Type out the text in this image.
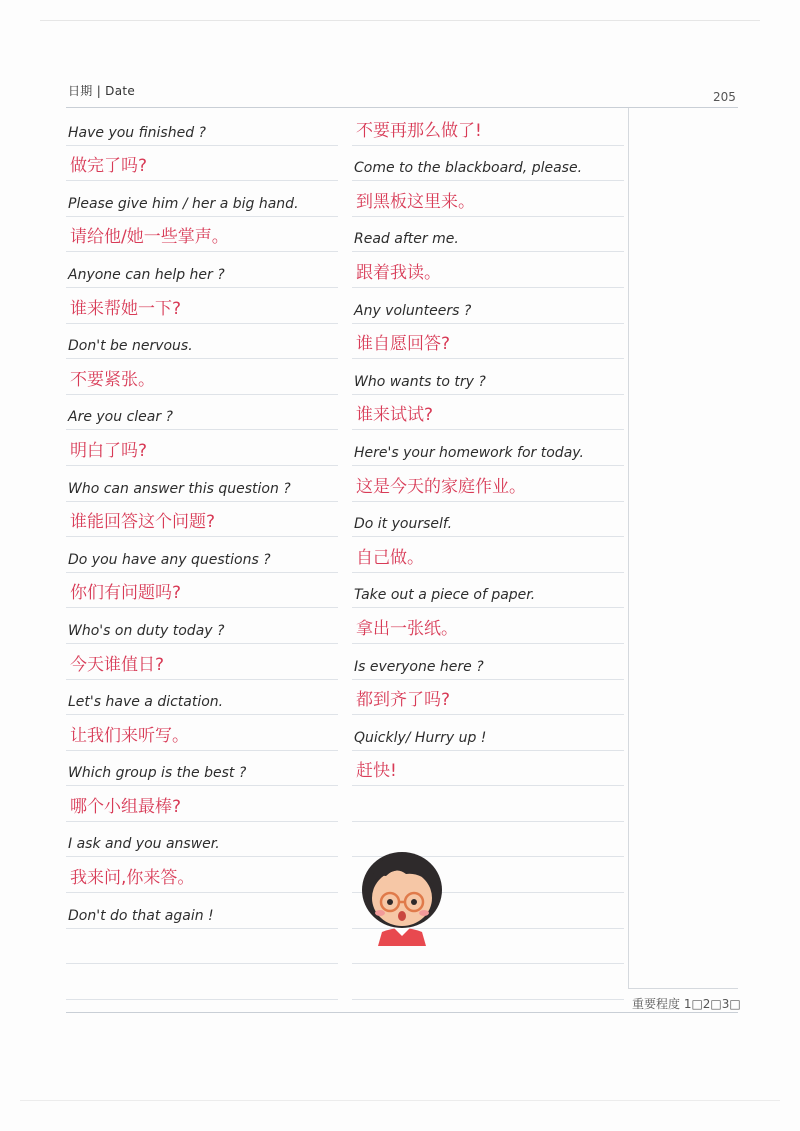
日期 | Date	205
Have you finished ?
做完了吗?
Please give him / her a big hand.
请给他/她一些掌声。
Anyone can help her ?
谁来帮她一下?
Don't be nervous.
不要紧张。
Are you clear ?
明白了吗?
Who can answer this question ?
谁能回答这个问题?
Do you have any questions ?
你们有问题吗?
Who's on duty today ?
今天谁值日?
Let's have a dictation.
让我们来听写。
Which group is the best ?
哪个小组最棒?
I ask and you answer.
我来问,你来答。
Don't do that again !
不要再那么做了!
Come to the blackboard, please.
到黑板这里来。
Read after me.
跟着我读。
Any volunteers ?
谁自愿回答?
Who wants to try ?
谁来试试?
Here's your homework for today.
这是今天的家庭作业。
Do it yourself.
自己做。
Take out a piece of paper.
拿出一张纸。
Is everyone here ?
都到齐了吗?
Quickly/ Hurry up !
赶快!
重要程度 1□2□3□
